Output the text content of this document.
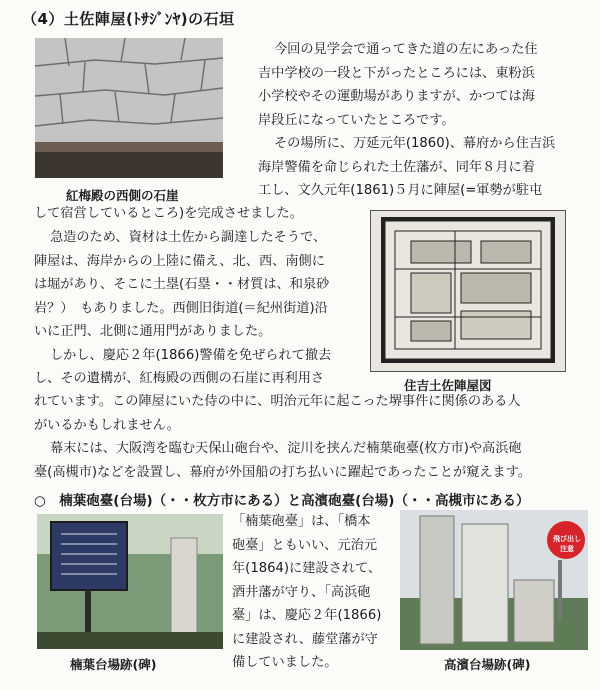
（4）土佐陣屋(ﾄｻｼﾞﾝﾔ)の石垣
紅梅殿の西側の石崖
今回の見学会で通ってきた道の左にあった住
吉中学校の一段と下がったところには、東粉浜
小学校やその運動場がありますが、かつては海
岸段丘になっていたところです。
その場所に、万延元年(1860)、幕府から住吉浜
海岸警備を命じられた土佐藩が、同年８月に着
工し、文久元年(1861)５月に陣屋(=軍勢が駐屯
して宿営しているところ)を完成させました。
急造のため、資材は土佐から調達したそうで、
陣屋は、海岸からの上陸に備え、北、西、南側に
は堀があり、そこに土塁(石塁・・材質は、和泉砂
岩？）　もありました。西側旧街道(＝紀州街道)沿
いに正門、北側に通用門がありました。
しかし、慶応２年(1866)警備を免ぜられて撤去
し、その遺構が、紅梅殿の西側の石崖に再利用さ	住吉土佐陣屋図
れています。この陣屋にいた侍の中に、明治元年に起こった堺事件に関係のある人
がいるかもしれません。
幕末には、大阪湾を臨む天保山砲台や、淀川を挟んだ楠葉砲臺(枚方市)や高浜砲
臺(高槻市)などを設置し、幕府が外国船の打ち払いに躍起であったことが窺えます。
○　楠葉砲臺(台場)（・・枚方市にある）と高濱砲臺(台場)（・・高槻市にある）
楠葉台場跡(碑)
「楠葉砲臺」は、「橋本
砲臺」ともいい、元治元
年(1864)に建設されて、
酒井藩が守り、「高浜砲
臺」は、慶応２年(1866)
に建設され、藤堂藩が守
備していました。
飛び出し注意
高濱台場跡(碑)
